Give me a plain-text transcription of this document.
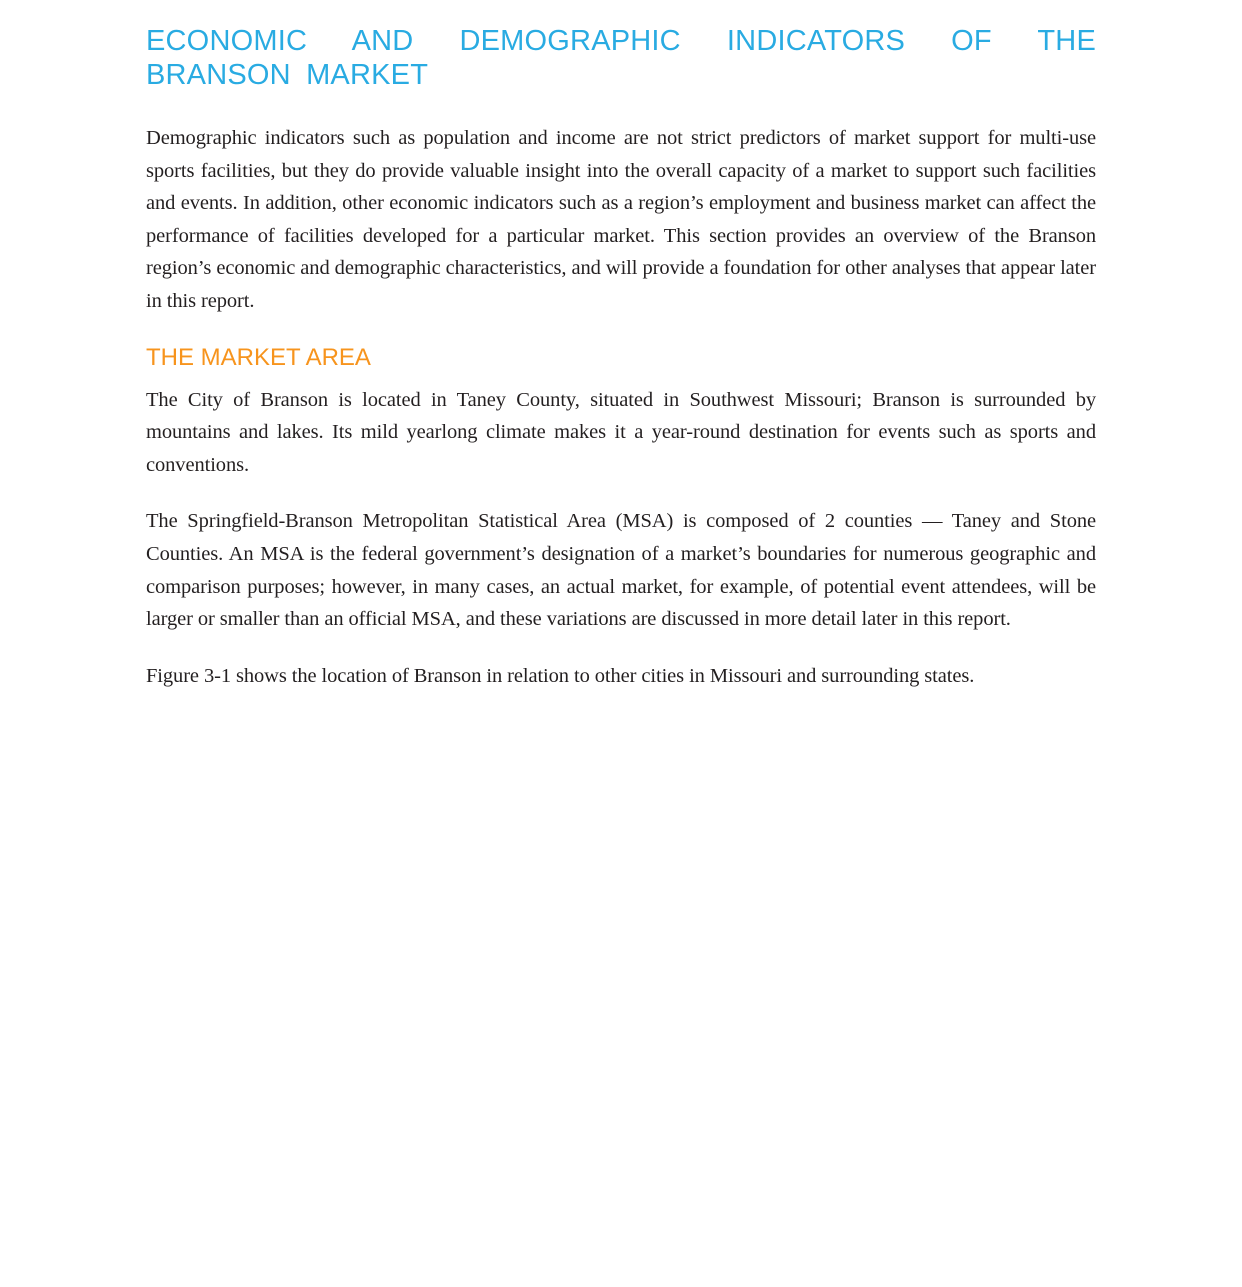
ECONOMIC AND DEMOGRAPHIC INDICATORS OF THE BRANSON MARKET

Demographic indicators such as population and income are not strict predictors of market support for multi-use sports facilities, but they do provide valuable insight into the overall capacity of a market to support such facilities and events. In addition, other economic indicators such as a region’s employment and business market can affect the performance of facilities developed for a particular market. This section provides an overview of the Branson region’s economic and demographic characteristics, and will provide a foundation for other analyses that appear later in this report.

THE MARKET AREA

The City of Branson is located in Taney County, situated in Southwest Missouri; Branson is surrounded by mountains and lakes. Its mild yearlong climate makes it a year-round destination for events such as sports and conventions.

The Springfield-Branson Metropolitan Statistical Area (MSA) is composed of 2 counties — Taney and Stone Counties. An MSA is the federal government’s designation of a market’s boundaries for numerous geographic and comparison purposes; however, in many cases, an actual market, for example, of potential event attendees, will be larger or smaller than an official MSA, and these variations are discussed in more detail later in this report.

Figure 3-1 shows the location of Branson in relation to other cities in Missouri and surrounding states.
